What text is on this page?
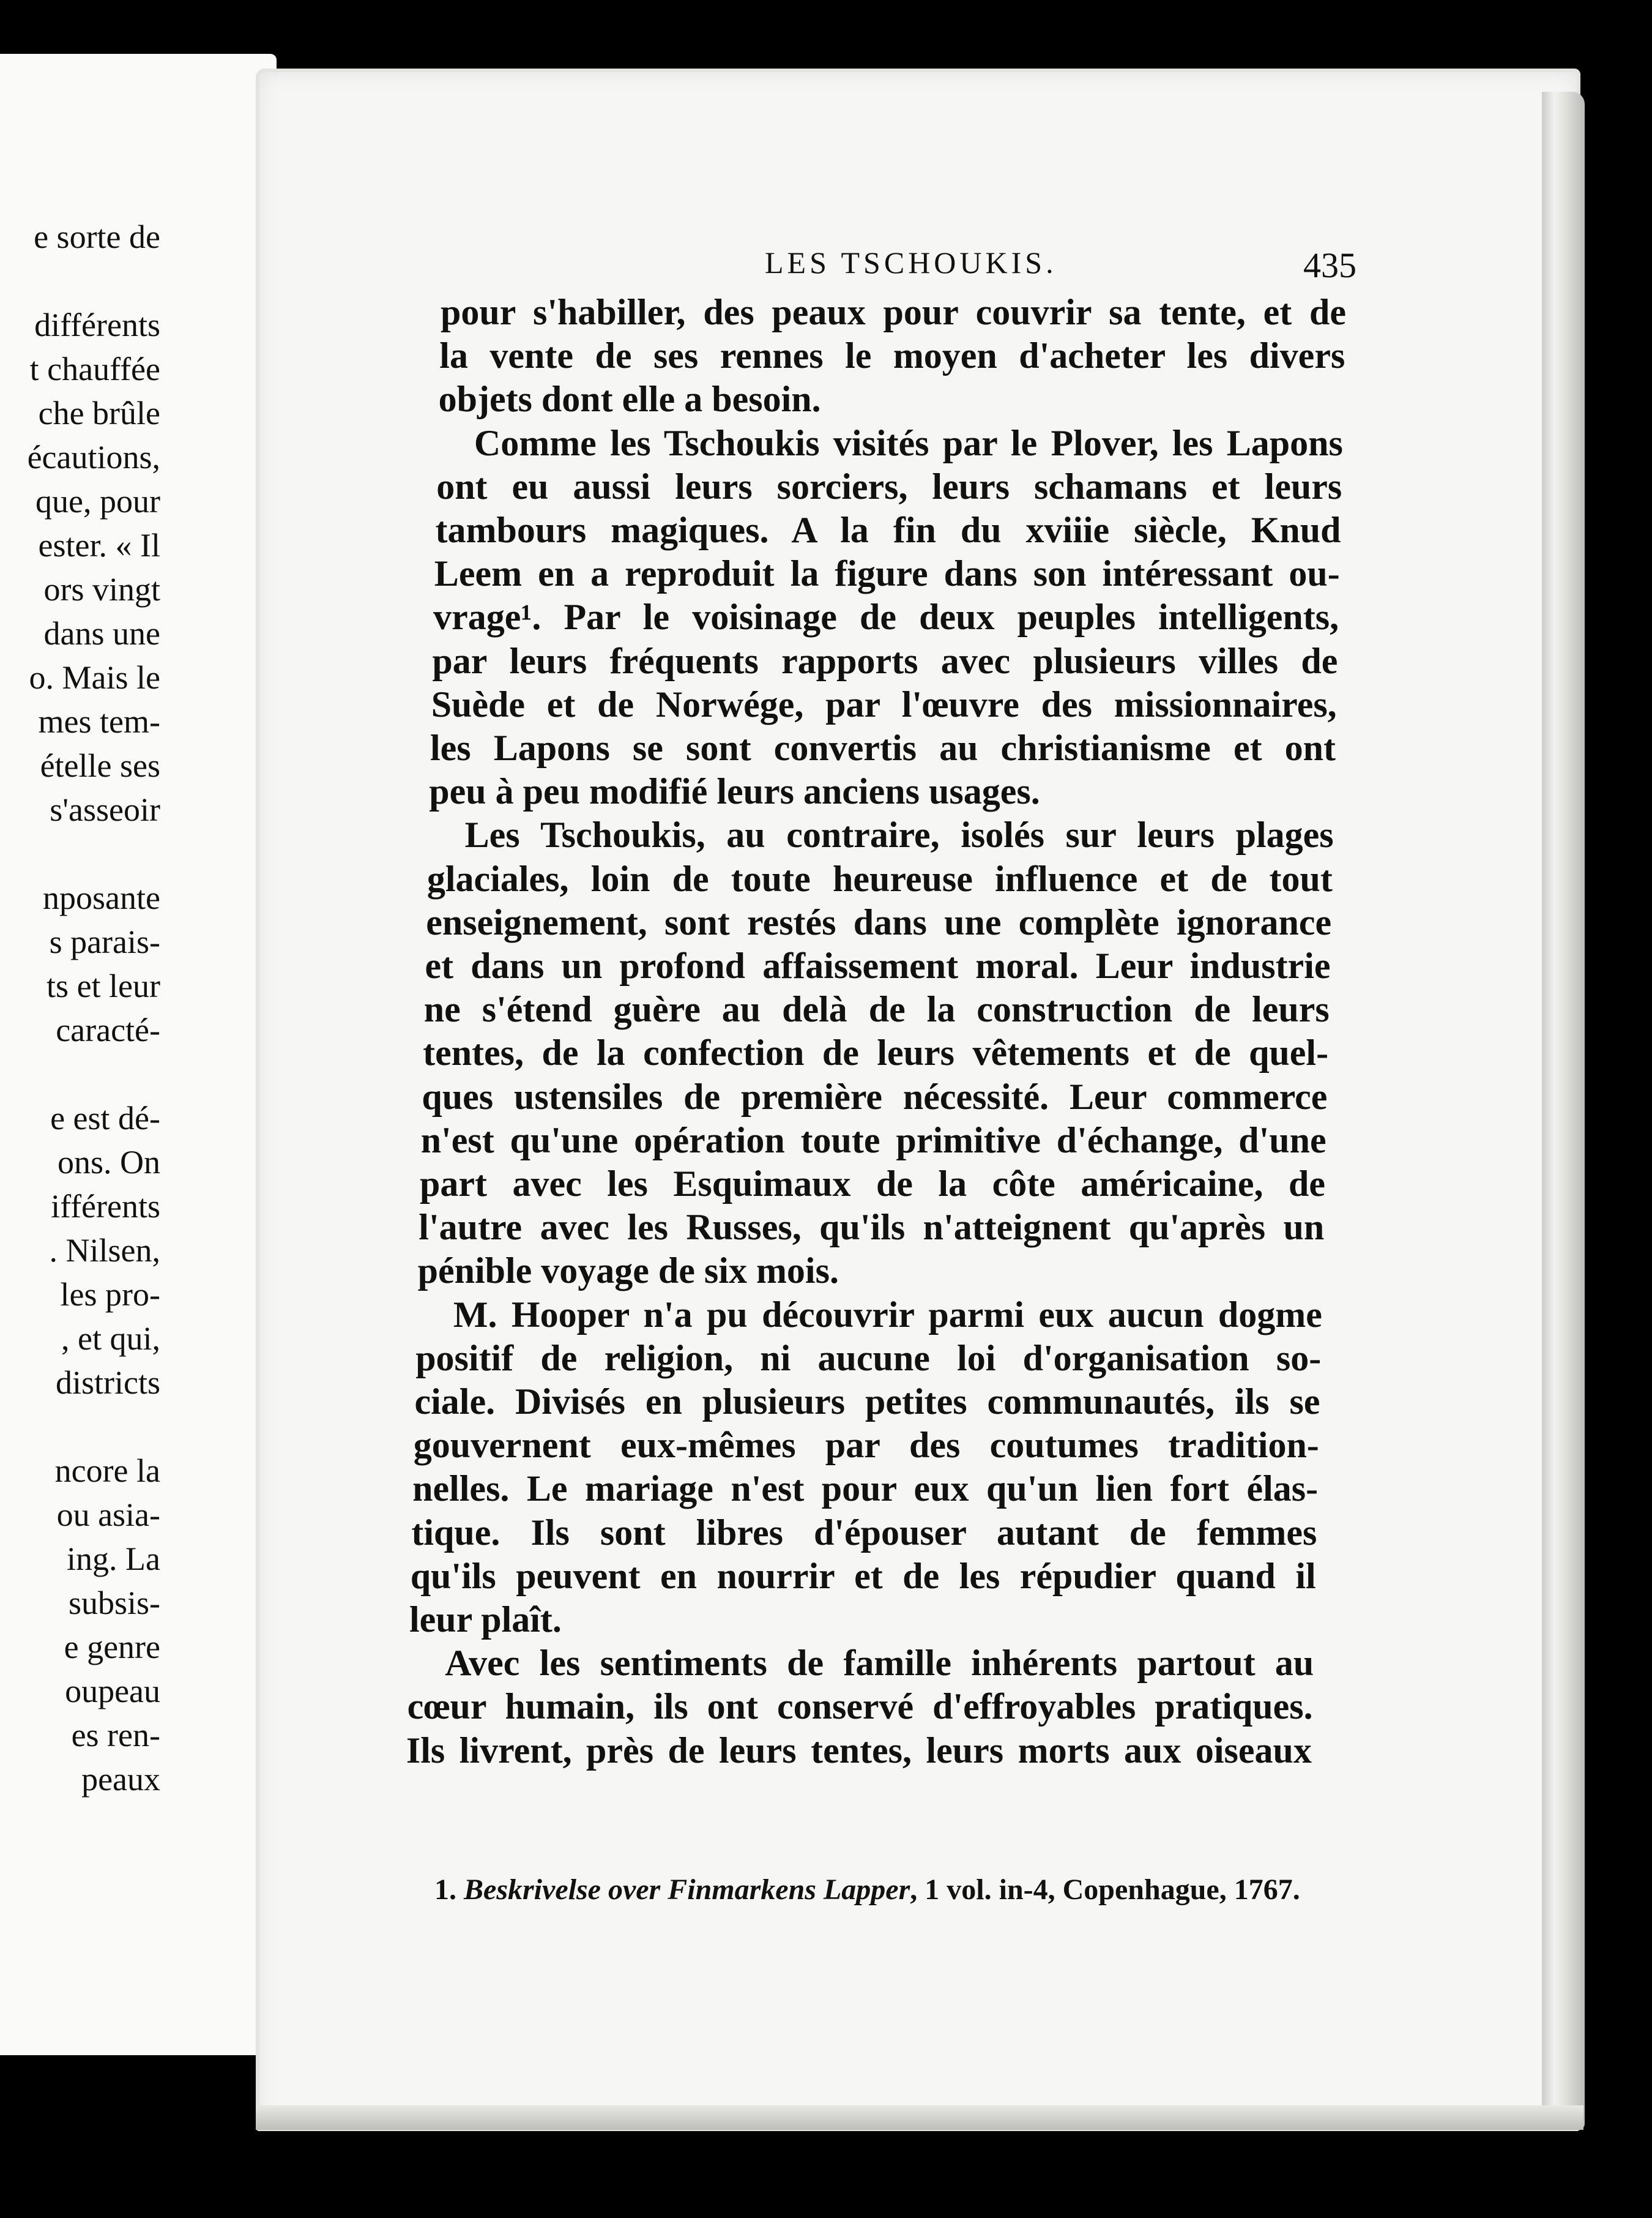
e sorte de
différents
t chauffée
che brûle
écautions,
que, pour
ester. « Il
ors vingt
dans une
o. Mais le
mes tem-
ételle ses
s'asseoir
nposante
s parais-
ts et leur
caracté-
e est dé-
ons. On
ifférents
. Nilsen,
les pro-
, et qui,
districts
ncore la
ou asia-
ing. La
subsis-
e genre
oupeau
es ren-
peaux
LES TSCHOUKIS.	435
pour s'habiller, des peaux pour couvrir sa tente, et de
la vente de ses rennes le moyen d'acheter les divers
objets dont elle a besoin.
Comme les Tschoukis visités par le Plover, les Lapons
ont eu aussi leurs sorciers, leurs schamans et leurs
tambours magiques. A la fin du xviiie siècle, Knud
Leem en a reproduit la figure dans son intéressant ou-
vrage¹. Par le voisinage de deux peuples intelligents,
par leurs fréquents rapports avec plusieurs villes de
Suède et de Norwége, par l'œuvre des missionnaires,
les Lapons se sont convertis au christianisme et ont
peu à peu modifié leurs anciens usages.
Les Tschoukis, au contraire, isolés sur leurs plages
glaciales, loin de toute heureuse influence et de tout
enseignement, sont restés dans une complète ignorance
et dans un profond affaissement moral. Leur industrie
ne s'étend guère au delà de la construction de leurs
tentes, de la confection de leurs vêtements et de quel-
ques ustensiles de première nécessité. Leur commerce
n'est qu'une opération toute primitive d'échange, d'une
part avec les Esquimaux de la côte américaine, de
l'autre avec les Russes, qu'ils n'atteignent qu'après un
pénible voyage de six mois.
M. Hooper n'a pu découvrir parmi eux aucun dogme
positif de religion, ni aucune loi d'organisation so-
ciale. Divisés en plusieurs petites communautés, ils se
gouvernent eux-mêmes par des coutumes tradition-
nelles. Le mariage n'est pour eux qu'un lien fort élas-
tique. Ils sont libres d'épouser autant de femmes
qu'ils peuvent en nourrir et de les répudier quand il
leur plaît.
Avec les sentiments de famille inhérents partout au
cœur humain, ils ont conservé d'effroyables pratiques.
Ils livrent, près de leurs tentes, leurs morts aux oiseaux
1. Beskrivelse over Finmarkens Lapper, 1 vol. in-4, Copenhague, 1767.
